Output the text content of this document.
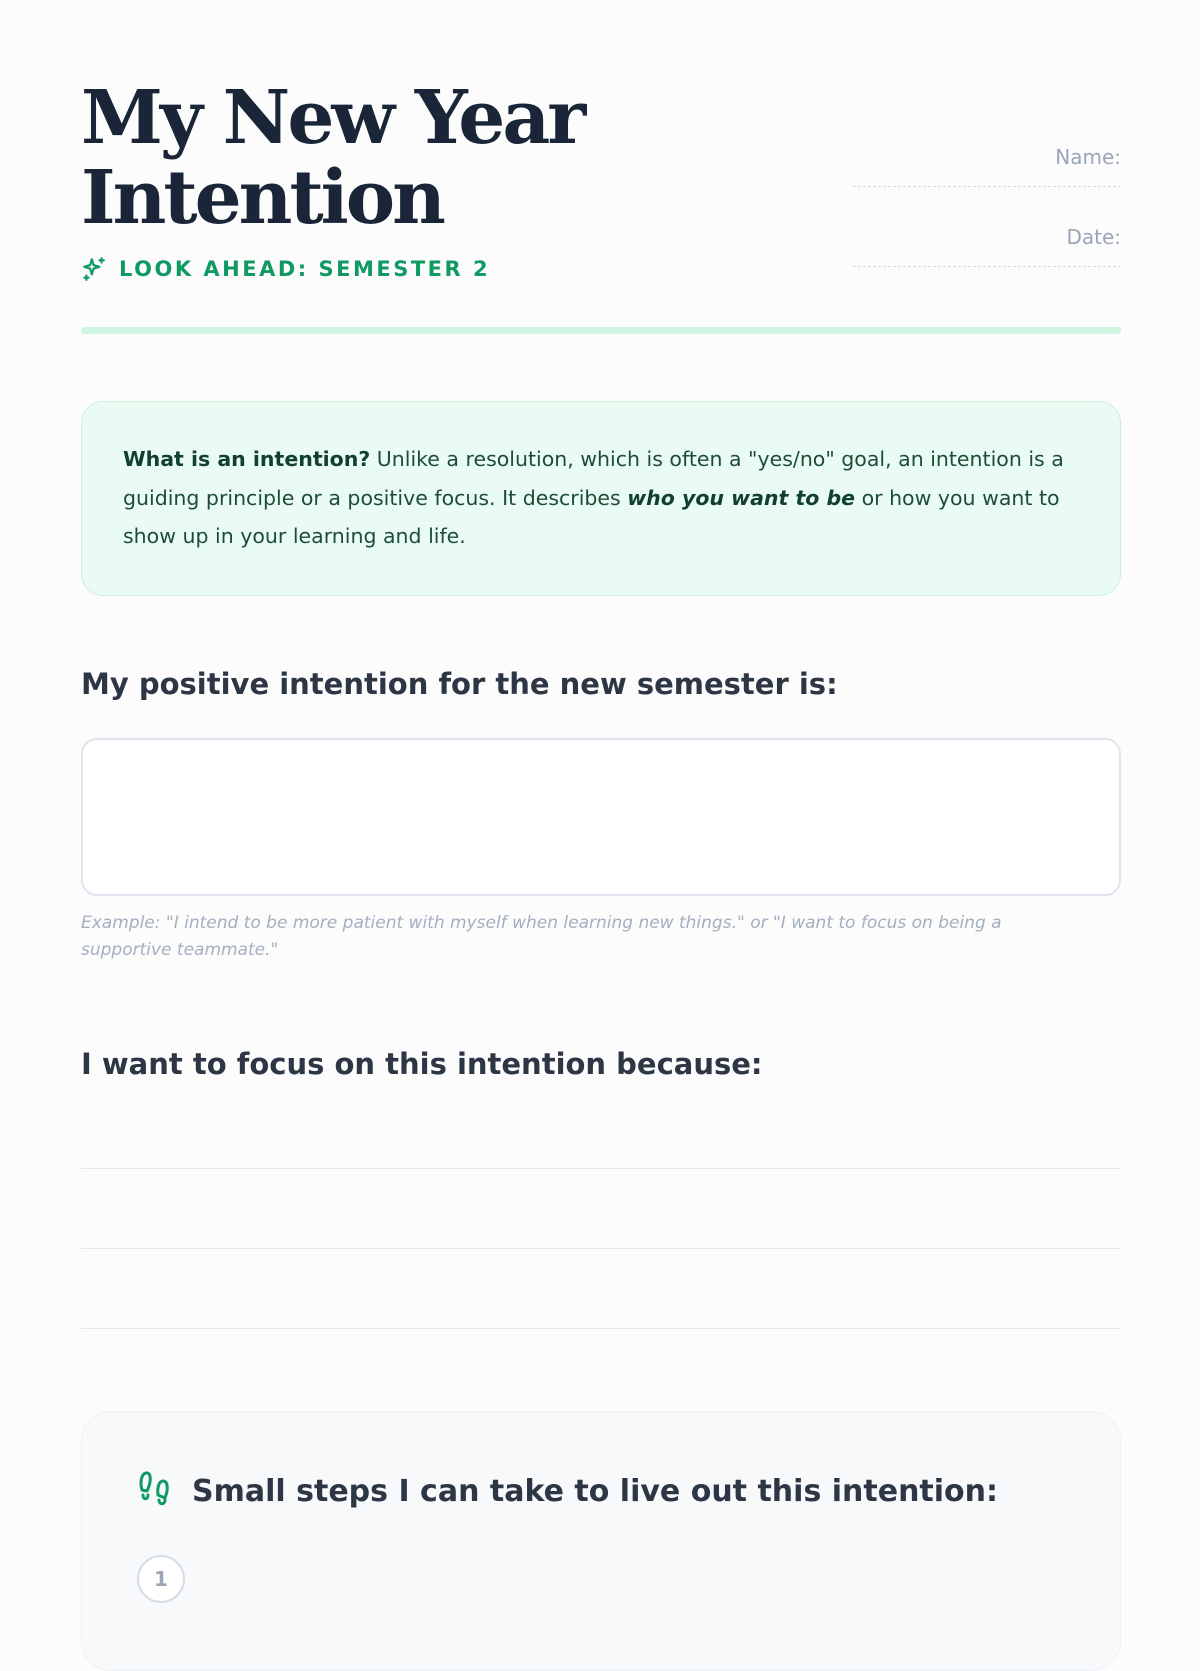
My New Year
Intention
LOOK AHEAD: SEMESTER 2
Name:
Date:
What is an intention? Unlike a resolution, which is often a "yes/no" goal, an intention is a guiding principle or a positive focus. It describes who you want to be or how you want to show up in your learning and life.
My positive intention for the new semester is:
Example: "I intend to be more patient with myself when learning new things." or "I want to focus on being a supportive teammate."
I want to focus on this intention because:
Small steps I can take to live out this intention:
1
